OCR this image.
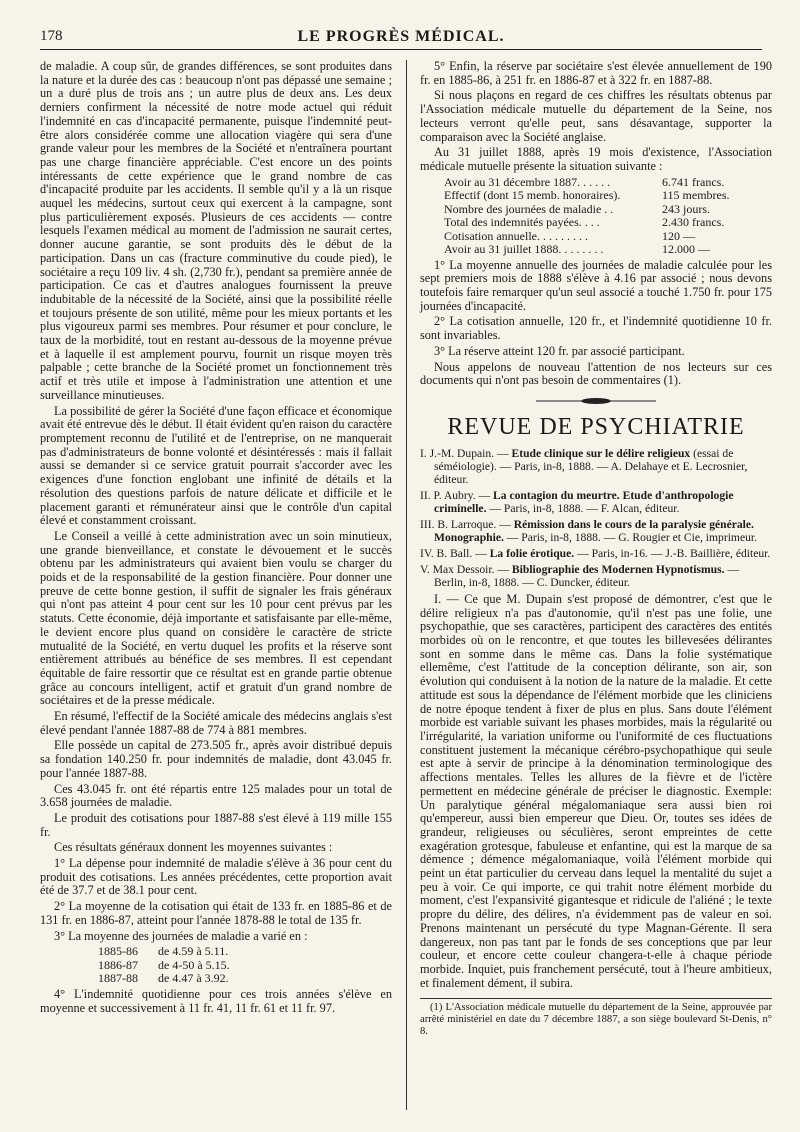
178	LE PROGRÈS MÉDICAL.

de maladie. A coup sûr, de grandes différences, se sont produites dans la nature et la durée des cas : beaucoup n'ont pas dépassé une semaine ; un a duré plus de trois ans ; un autre plus de deux ans. Les deux derniers confirment la nécessité de notre mode actuel qui réduit l'indemnité en cas d'incapacité permanente, puisque l'indemnité peut-être alors considérée comme une allocation viagère qui sera d'une grande valeur pour les membres de la Société et n'entraînera pourtant pas une charge financière appréciable. C'est encore un des points intéressants de cette expérience que le grand nombre de cas d'incapacité produite par les accidents. Il semble qu'il y a là un risque auquel les médecins, surtout ceux qui exercent à la campagne, sont plus particulièrement exposés. Plusieurs de ces accidents — contre lesquels l'examen médical au moment de l'admission ne saurait certes, donner aucune garantie, se sont produits dès le début de la participation. Dans un cas (fracture comminutive du coude pied), le sociétaire a reçu 109 liv. 4 sh. (2,730 fr.), pendant sa première année de participation. Ce cas et d'autres analogues fournissent la preuve indubitable de la nécessité de la Société, ainsi que la possibilité réelle et toujours présente de son utilité, même pour les mieux portants et les plus vigoureux parmi ses membres. Pour résumer et pour conclure, le taux de la morbidité, tout en restant au-dessous de la moyenne prévue et à laquelle il est amplement pourvu, fournit un risque moyen très palpable ; cette branche de la Société promet un fonctionnement très actif et très utile et impose à l'administration une attention et une surveillance minutieuses.

La possibilité de gérer la Société d'une façon efficace et économique avait été entrevue dès le début. Il était évident qu'en raison du caractère promptement reconnu de l'utilité et de l'entreprise, on ne manquerait pas d'administrateurs de bonne volonté et désintéressés : mais il fallait aussi se demander si ce service gratuit pourrait s'accorder avec les exigences d'une fonction englobant une infinité de détails et la résolution des questions parfois de nature délicate et difficile et le placement garanti et rémunérateur ainsi que le contrôle d'un capital élevé et constamment croissant.

Le Conseil a veillé à cette administration avec un soin minutieux, une grande bienveillance, et constate le dévouement et le succès obtenu par les administrateurs qui avaient bien voulu se charger du poids et de la responsabilité de la gestion financière. Pour donner une preuve de cette bonne gestion, il suffit de signaler les frais généraux qui n'ont pas atteint 4 pour cent sur les 10 pour cent prévus par les statuts. Cette économie, déjà importante et satisfaisante par elle-même, le devient encore plus quand on considère le caractère de stricte mutualité de la Société, en vertu duquel les profits et la réserve sont entièrement attribués au bénéfice de ses membres. Il est cependant équitable de faire ressortir que ce résultat est en grande partie obtenue grâce au concours intelligent, actif et gratuit d'un grand nombre de sociétaires et de la presse médicale.

En résumé, l'effectif de la Société amicale des médecins anglais s'est élevé pendant l'année 1887-88 de 774 à 881 membres.

Elle possède un capital de 273.505 fr., après avoir distribué depuis sa fondation 140.250 fr. pour indemnités de maladie, dont 43.045 fr. pour l'année 1887-88.

Ces 43.045 fr. ont été répartis entre 125 malades pour un total de 3.658 journées de maladie.

Le produit des cotisations pour 1887-88 s'est élevé à 119 mille 155 fr.

Ces résultats généraux donnent les moyennes suivantes :

1° La dépense pour indemnité de maladie s'élève à 36 pour cent du produit des cotisations. Les années précédentes, cette proportion avait été de 37.7 et de 38.1 pour cent.

2° La moyenne de la cotisation qui était de 133 fr. en 1885-86 et de 131 fr. en 1886-87, atteint pour l'année 1878-88 le total de 135 fr.

3° La moyenne des journées de maladie a varié en :

1885-86	de 4.59 à 5.11.
1886-87	de 4-50 à 5.15.
1887-88	de 4.47 à 3.92.

4° L'indemnité quotidienne pour ces trois années s'élève en moyenne et successivement à 11 fr. 41, 11 fr. 61 et 11 fr. 97.

5° Enfin, la réserve par sociétaire s'est élevée annuellement de 190 fr. en 1885-86, à 251 fr. en 1886-87 et à 322 fr. en 1887-88.

Si nous plaçons en regard de ces chiffres les résultats obtenus par l'Association médicale mutuelle du département de la Seine, nos lecteurs verront qu'elle peut, sans désavantage, supporter la comparaison avec la Société anglaise.

Au 31 juillet 1888, après 19 mois d'existence, l'Association médicale mutuelle présente la situation suivante :

Avoir au 31 décembre 1887. . . . . .	6.741 francs.
Effectif (dont 15 memb. honoraires).	115 membres.
Nombre des journées de maladie . .	243 jours.
Total des indemnités payées. . . .	2.430 francs.
Cotisation annuelle. . . . . . . . .	120 —
Avoir au 31 juillet 1888. . . . . . . .	12.000 —

1° La moyenne annuelle des journées de maladie calculée pour les sept premiers mois de 1888 s'élève à 4.16 par associé ; nous devons toutefois faire remarquer qu'un seul associé a touché 1.750 fr. pour 175 journées d'incapacité.

2° La cotisation annuelle, 120 fr., et l'indemnité quotidienne 10 fr. sont invariables.

3° La réserve atteint 120 fr. par associé participant.

Nous appelons de nouveau l'attention de nos lecteurs sur ces documents qui n'ont pas besoin de commentaires (1).

REVUE DE PSYCHIATRIE
I. J.-M. Dupain. — Etude clinique sur le délire religieux (essai de séméiologie). — Paris, in-8, 1888. — A. Delahaye et E. Lecrosnier, éditeur.
II. P. Aubry. — La contagion du meurtre. Etude d'anthropologie criminelle. — Paris, in-8, 1888. — F. Alcan, éditeur.
III. B. Larroque. — Rémission dans le cours de la paralysie générale. Monographie. — Paris, in-8, 1888. — G. Rougier et Cie, imprimeur.
IV. B. Ball. — La folie érotique. — Paris, in-16. — J.-B. Baillière, éditeur.
V. Max Dessoir. — Bibliographie des Modernen Hypnotismus. — Berlin, in-8, 1888. — C. Duncker, éditeur.

I. — Ce que M. Dupain s'est proposé de démontrer, c'est que le délire religieux n'a pas d'autonomie, qu'il n'est pas une folie, une psychopathie, que ses caractères, participent des caractères des entités morbides où on le rencontre, et que toutes les billevesées délirantes sont en somme dans le même cas. Dans la folie systématique ellemême, c'est l'attitude de la conception délirante, son air, son évolution qui conduisent à la notion de la nature de la maladie. Et cette attitude est sous la dépendance de l'élément morbide que les cliniciens de notre époque tendent à fixer de plus en plus. Sans doute l'élément morbide est variable suivant les phases morbides, mais la régularité ou l'irrégularité, la variation uniforme ou l'uniformité de ces fluctuations constituent justement la mécanique cérébro-psychopathique qui seule est apte à servir de principe à la dénomination terminologique des affections mentales. Telles les allures de la fièvre et de l'ictère permettent en médecine générale de préciser le diagnostic. Exemple: Un paralytique général mégalomaniaque sera aussi bien roi qu'empereur, aussi bien empereur que Dieu. Or, toutes ses idées de grandeur, religieuses ou séculières, seront empreintes de cette exagération grotesque, fabuleuse et enfantine, qui est la marque de sa démence ; démence mégalomaniaque, voilà l'élément morbide qui peint un état particulier du cerveau dans lequel la mentalité du sujet a peu à voir. Ce qui importe, ce qui trahit notre élément morbide du moment, c'est l'expansivité gigantesque et ridicule de l'aliéné ; le texte propre du délire, des délires, n'a évidemment pas de valeur en soi. Prenons maintenant un persécuté du type Magnan-Gérente. Il sera dangereux, non pas tant par le fonds de ses conceptions que par leur couleur, et encore cette couleur changera-t-elle à chaque période morbide. Inquiet, puis franchement persécuté, tout à l'heure ambitieux, et finalement dément, il subira.

(1) L'Association médicale mutuelle du département de la Seine, approuvée par arrêté ministériel en date du 7 décembre 1887, a son siège boulevard St-Denis, n° 8.
